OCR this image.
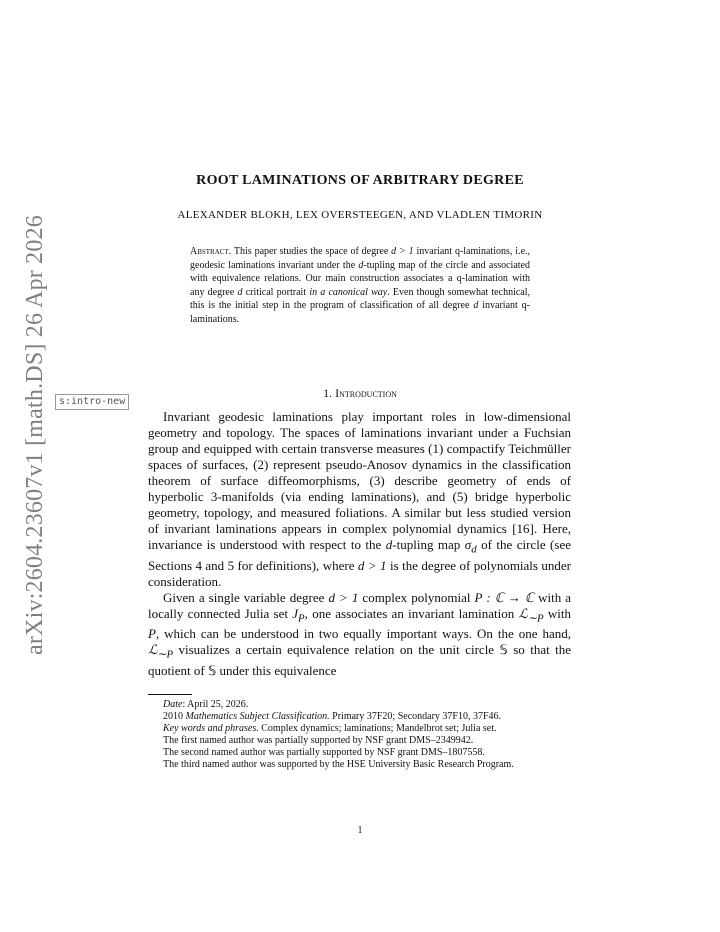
arXiv:2604.23607v1 [math.DS] 26 Apr 2026	s:intro-new
ROOT LAMINATIONS OF ARBITRARY DEGREE
ALEXANDER BLOKH, LEX OVERSTEEGEN, AND VLADLEN TIMORIN
Abstract. This paper studies the space of degree d > 1 invariant q-laminations, i.e., geodesic laminations invariant under the d-tupling map of the circle and associated with equivalence relations. Our main construction associates a q-lamination with any degree d critical portrait in a canonical way. Even though somewhat technical, this is the initial step in the program of classification of all degree d invariant q-laminations.
1. Introduction

Invariant geodesic laminations play important roles in low-dimensional geometry and topology. The spaces of laminations invariant under a Fuchsian group and equipped with certain transverse measures (1) compactify Teichmüller spaces of surfaces, (2) represent pseudo-Anosov dynamics in the classification theorem of surface diffeomorphisms, (3) describe geometry of ends of hyperbolic 3-manifolds (via ending laminations), and (5) bridge hyperbolic geometry, topology, and measured foliations. A similar but less studied version of invariant laminations appears in complex polynomial dynamics [16]. Here, invariance is understood with respect to the d-tupling map $\sigma_d$ of the circle (see Sections 4 and 5 for definitions), where d > 1 is the degree of polynomials under consideration.

Given a single variable degree d > 1 complex polynomial P : ℂ → ℂ with a locally connected Julia set $J_P$, one associates an invariant lamination ℒ$_{\sim P}$ with P, which can be understood in two equally important ways. On the one hand, ℒ$_{\sim P}$ visualizes a certain equivalence relation on the unit circle 𝕊 so that the quotient of 𝕊 under this equivalence

Date: April 25, 2026.

2010 Mathematics Subject Classification. Primary 37F20; Secondary 37F10, 37F46.

Key words and phrases. Complex dynamics; laminations; Mandelbrot set; Julia set.

The first named author was partially supported by NSF grant DMS–2349942.

The second named author was partially supported by NSF grant DMS–1807558.

The third named author was supported by the HSE University Basic Research Program.

1
